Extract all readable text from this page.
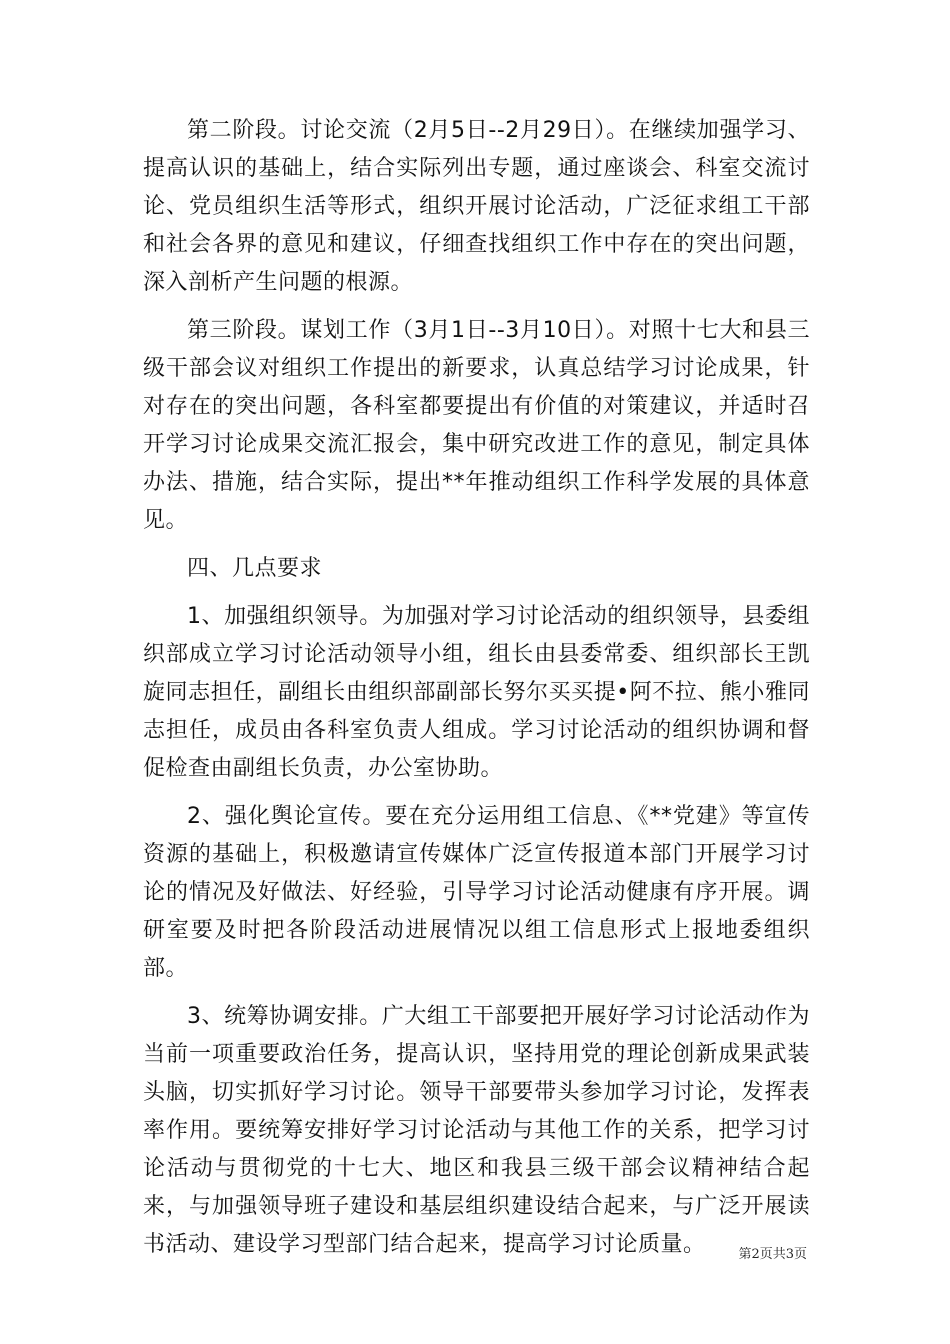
第二阶段。讨论交流（2月5日--2月29日）。在继续加强学习、提高认识的基础上，结合实际列出专题，通过座谈会、科室交流讨论、党员组织生活等形式，组织开展讨论活动，广泛征求组工干部和社会各界的意见和建议，仔细查找组织工作中存在的突出问题，深入剖析产生问题的根源。

第三阶段。谋划工作（3月1日--3月10日）。对照十七大和县三级干部会议对组织工作提出的新要求，认真总结学习讨论成果，针对存在的突出问题，各科室都要提出有价值的对策建议，并适时召开学习讨论成果交流汇报会，集中研究改进工作的意见，制定具体办法、措施，结合实际，提出**年推动组织工作科学发展的具体意见。

四、几点要求

1、加强组织领导。为加强对学习讨论活动的组织领导，县委组织部成立学习讨论活动领导小组，组长由县委常委、组织部长王凯旋同志担任，副组长由组织部副部长努尔买买提•阿不拉、熊小雅同志担任，成员由各科室负责人组成。学习讨论活动的组织协调和督促检查由副组长负责，办公室协助。

2、强化舆论宣传。要在充分运用组工信息、《**党建》等宣传资源的基础上，积极邀请宣传媒体广泛宣传报道本部门开展学习讨论的情况及好做法、好经验，引导学习讨论活动健康有序开展。调研室要及时把各阶段活动进展情况以组工信息形式上报地委组织部。

3、统筹协调安排。广大组工干部要把开展好学习讨论活动作为当前一项重要政治任务，提高认识，坚持用党的理论创新成果武装头脑，切实抓好学习讨论。领导干部要带头参加学习讨论，发挥表率作用。要统筹安排好学习讨论活动与其他工作的关系，把学习讨论活动与贯彻党的十七大、地区和我县三级干部会议精神结合起来，与加强领导班子建设和基层组织建设结合起来，与广泛开展读书活动、建设学习型部门结合起来，提高学习讨论质量。	第2页共3页
